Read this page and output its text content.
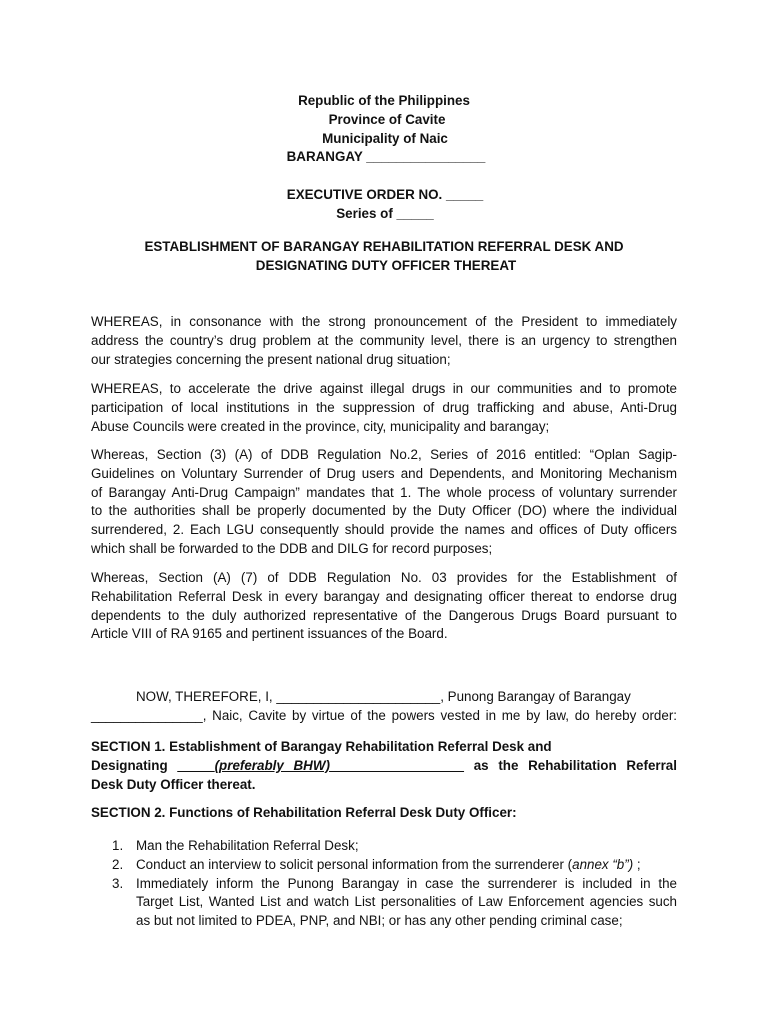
Republic of the Philippines
Province of Cavite
Municipality of Naic
BARANGAY ________________
EXECUTIVE ORDER NO. _____
Series of _____
ESTABLISHMENT OF BARANGAY REHABILITATION REFERRAL DESK AND
DESIGNATING DUTY OFFICER THEREAT
WHEREAS, in consonance with the strong pronouncement of the President to immediately
address the country’s drug problem at the community level, there is an urgency to strengthen
our strategies concerning the present national drug situation;
WHEREAS, to accelerate the drive against illegal drugs in our communities and to promote
participation of local institutions in the suppression of drug trafficking and abuse, Anti-Drug
Abuse Councils were created in the province, city, municipality and barangay;
Whereas, Section (3) (A) of DDB Regulation No.2, Series of 2016 entitled: “Oplan Sagip-
Guidelines on Voluntary Surrender of Drug users and Dependents, and Monitoring Mechanism
of Barangay Anti-Drug Campaign” mandates that 1. The whole process of voluntary surrender
to the authorities shall be properly documented by the Duty Officer (DO) where the individual
surrendered, 2. Each LGU consequently should provide the names and offices of Duty officers
which shall be forwarded to the DDB and DILG for record purposes;
Whereas, Section (A) (7) of DDB Regulation No. 03 provides for the Establishment of
Rehabilitation Referral Desk in every barangay and designating officer thereat to endorse drug
dependents to the duly authorized representative of the Dangerous Drugs Board pursuant to
Article VIII of RA 9165 and pertinent issuances of the Board.
NOW, THEREFORE, I, ______________________, Punong Barangay of Barangay
_______________, Naic, Cavite by virtue of the powers vested in me by law, do hereby order:
SECTION 1. Establishment of Barangay Rehabilitation Referral Desk and
Designating _____(preferably BHW)__________________ as the Rehabilitation Referral
Desk Duty Officer thereat.
SECTION 2. Functions of Rehabilitation Referral Desk Duty Officer:
1. Man the Rehabilitation Referral Desk;
2. Conduct an interview to solicit personal information from the surrenderer (annex “b”) ;
3. Immediately inform the Punong Barangay in case the surrenderer is included in the
Target List, Wanted List and watch List personalities of Law Enforcement agencies such
as but not limited to PDEA, PNP, and NBI; or has any other pending criminal case;
